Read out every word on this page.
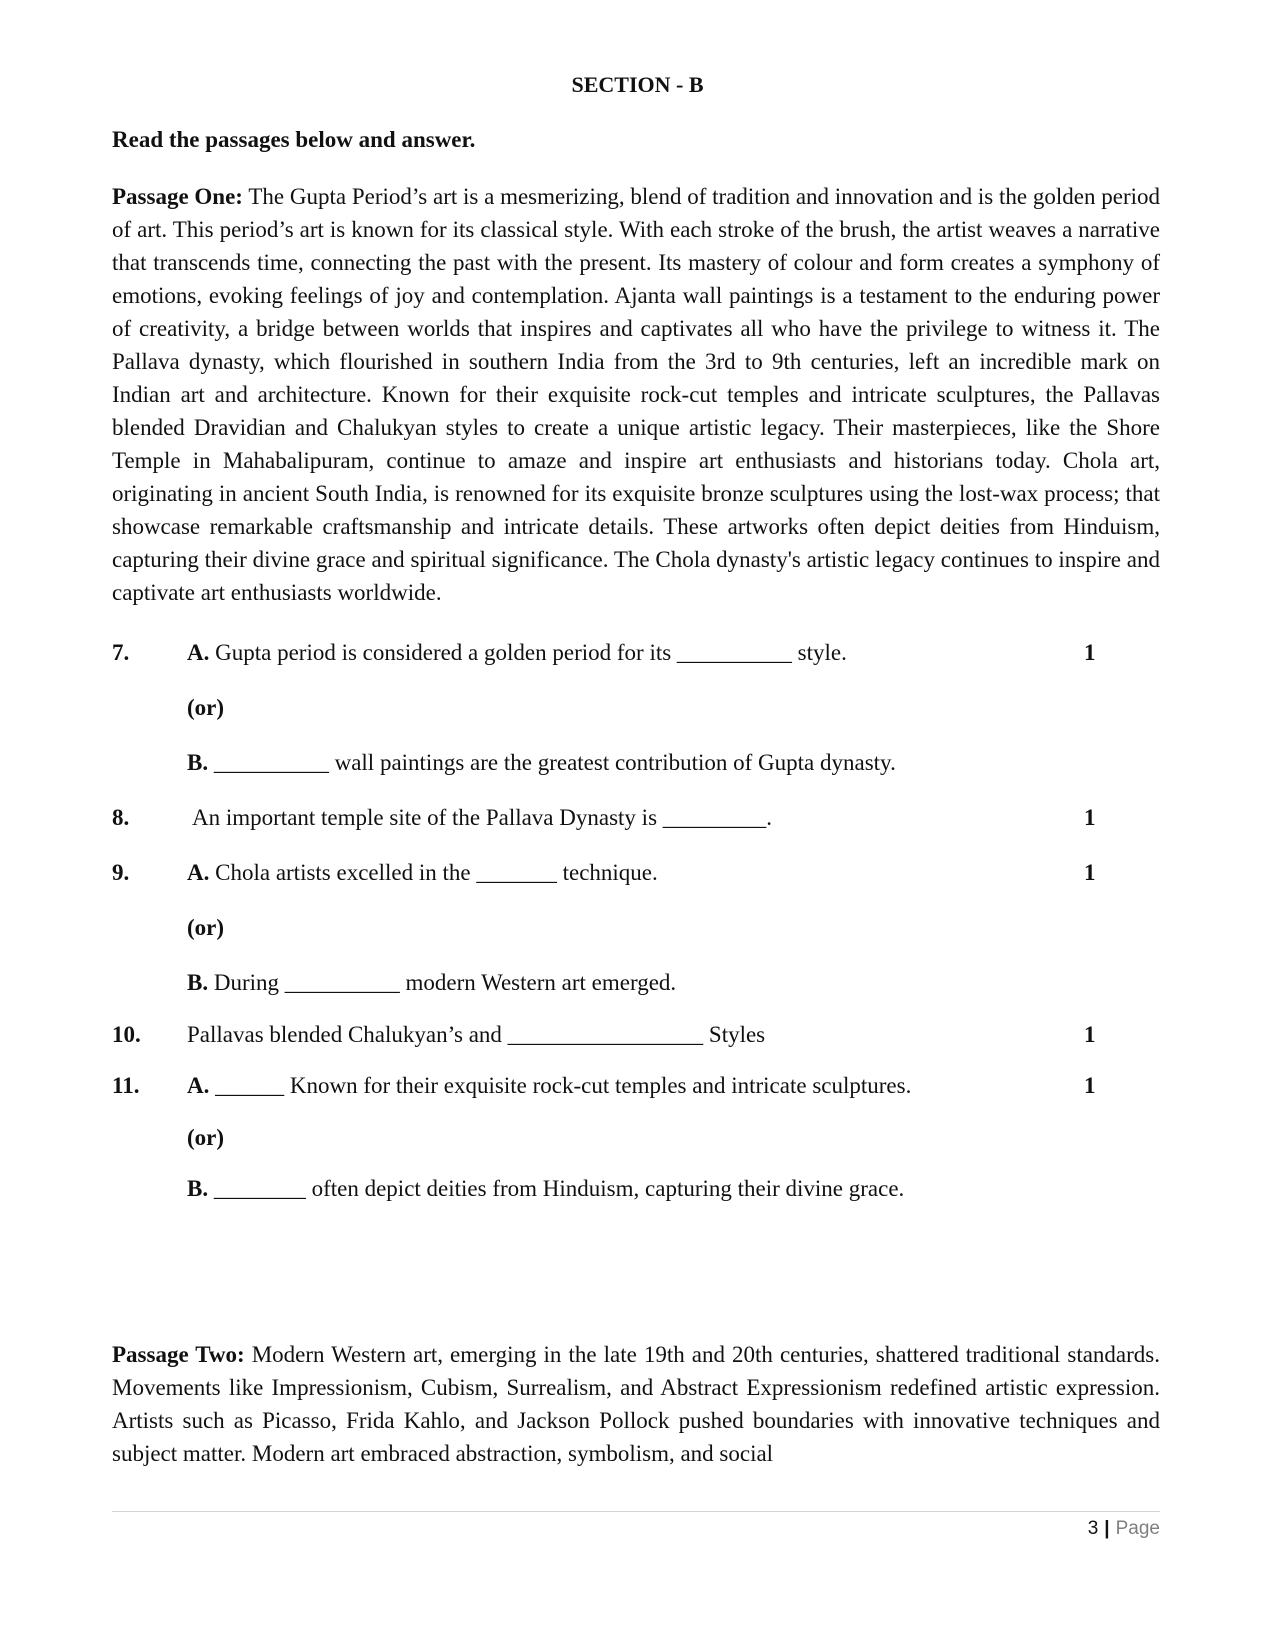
SECTION - B
Read the passages below and answer.
Passage One: The Gupta Period’s art is a mesmerizing, blend of tradition and innovation and is the golden period of art. This period’s art is known for its classical style. With each stroke of the brush, the artist weaves a narrative that transcends time, connecting the past with the present. Its mastery of colour and form creates a symphony of emotions, evoking feelings of joy and contemplation. Ajanta wall paintings is a testament to the enduring power of creativity, a bridge between worlds that inspires and captivates all who have the privilege to witness it. The Pallava dynasty, which flourished in southern India from the 3rd to 9th centuries, left an incredible mark on Indian art and architecture. Known for their exquisite rock-cut temples and intricate sculptures, the Pallavas blended Dravidian and Chalukyan styles to create a unique artistic legacy. Their masterpieces, like the Shore Temple in Mahabalipuram, continue to amaze and inspire art enthusiasts and historians today. Chola art, originating in ancient South India, is renowned for its exquisite bronze sculptures using the lost-wax process; that showcase remarkable craftsmanship and intricate details. These artworks often depict deities from Hinduism, capturing their divine grace and spiritual significance. The Chola dynasty's artistic legacy continues to inspire and captivate art enthusiasts worldwide.
7.	A. Gupta period is considered a golden period for its __________ style.	1
(or)
B. __________ wall paintings are the greatest contribution of Gupta dynasty.
8.	An important temple site of the Pallava Dynasty is _________.	1
9.	A. Chola artists excelled in the _______ technique.	1
(or)
B. During __________ modern Western art emerged.
10. Pallavas blended Chalukyan’s and _________________ Styles	1
11. A. ______ Known for their exquisite rock-cut temples and intricate sculptures.	1
(or)
B. ________ often depict deities from Hinduism, capturing their divine grace.
Passage Two: Modern Western art, emerging in the late 19th and 20th centuries, shattered traditional standards. Movements like Impressionism, Cubism, Surrealism, and Abstract Expressionism redefined artistic expression. Artists such as Picasso, Frida Kahlo, and Jackson Pollock pushed boundaries with innovative techniques and subject matter. Modern art embraced abstraction, symbolism, and social
3 | Page
